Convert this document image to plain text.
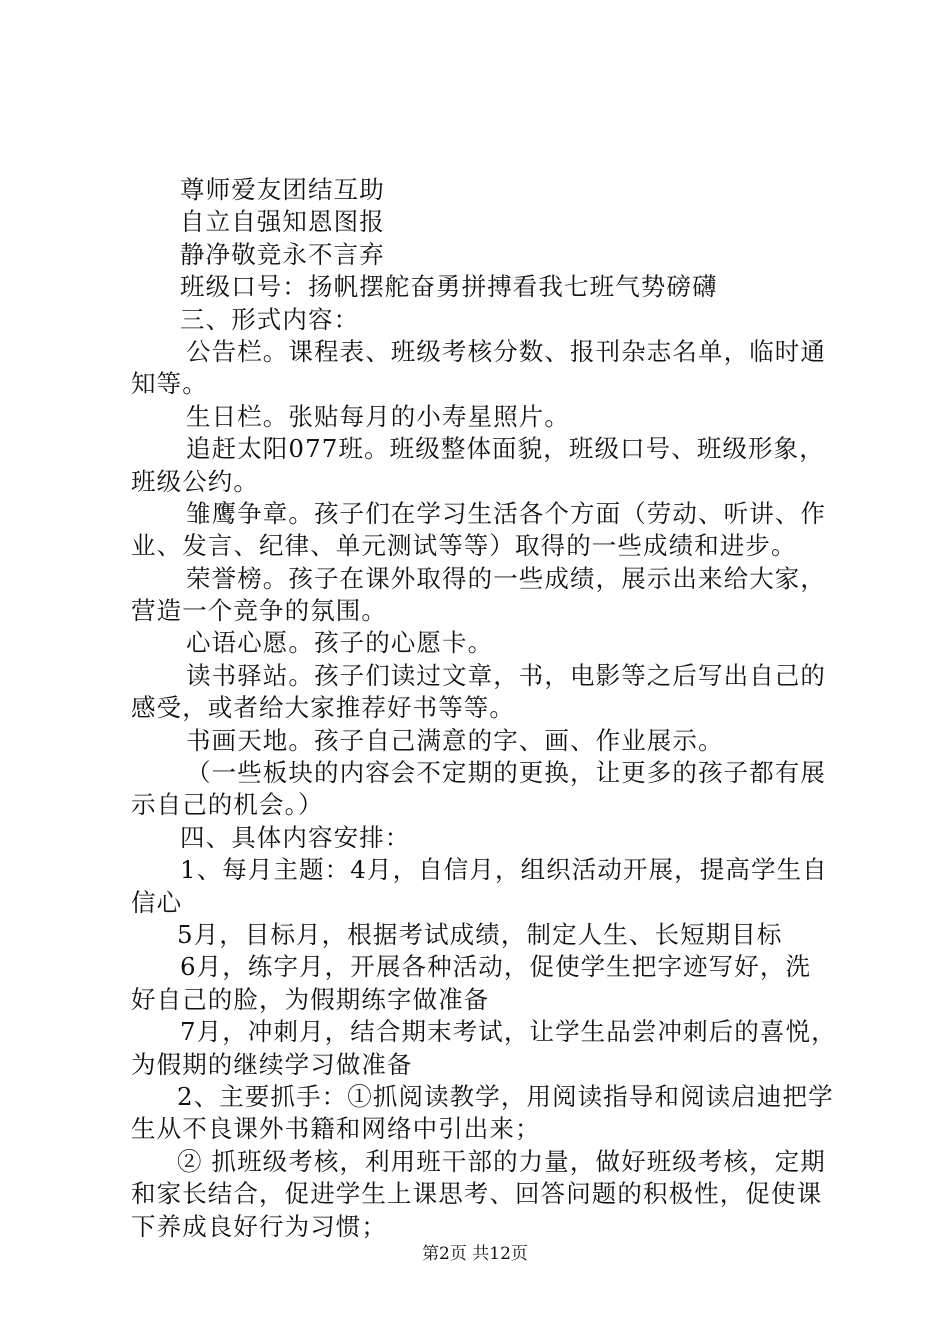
尊师爱友团结互助
自立自强知恩图报
静净敬竞永不言弃
班级口号：扬帆摆舵奋勇拼搏看我七班气势磅礴
三、形式内容：
公告栏。课程表、班级考核分数、报刊杂志名单，临时通
知等。
生日栏。张贴每月的小寿星照片。
追赶太阳077班。班级整体面貌，班级口号、班级形象，
班级公约。
雏鹰争章。孩子们在学习生活各个方面（劳动、听讲、作
业、发言、纪律、单元测试等等）取得的一些成绩和进步。
荣誉榜。孩子在课外取得的一些成绩，展示出来给大家，
营造一个竞争的氛围。
心语心愿。孩子的心愿卡。
读书驿站。孩子们读过文章，书，电影等之后写出自己的
感受，或者给大家推荐好书等等。
书画天地。孩子自己满意的字、画、作业展示。
（一些板块的内容会不定期的更换，让更多的孩子都有展
示自己的机会。）
四、具体内容安排：
1、每月主题：4月，自信月，组织活动开展，提高学生自
信心
5月，目标月，根据考试成绩，制定人生、长短期目标
6月，练字月，开展各种活动，促使学生把字迹写好，洗
好自己的脸，为假期练字做准备
7月，冲刺月，结合期末考试，让学生品尝冲刺后的喜悦，
为假期的继续学习做准备
2、主要抓手：①抓阅读教学，用阅读指导和阅读启迪把学
生从不良课外书籍和网络中引出来；
② 抓班级考核，利用班干部的力量，做好班级考核，定期
和家长结合，促进学生上课思考、回答问题的积极性，促使课
下养成良好行为习惯；
第2页 共12页
